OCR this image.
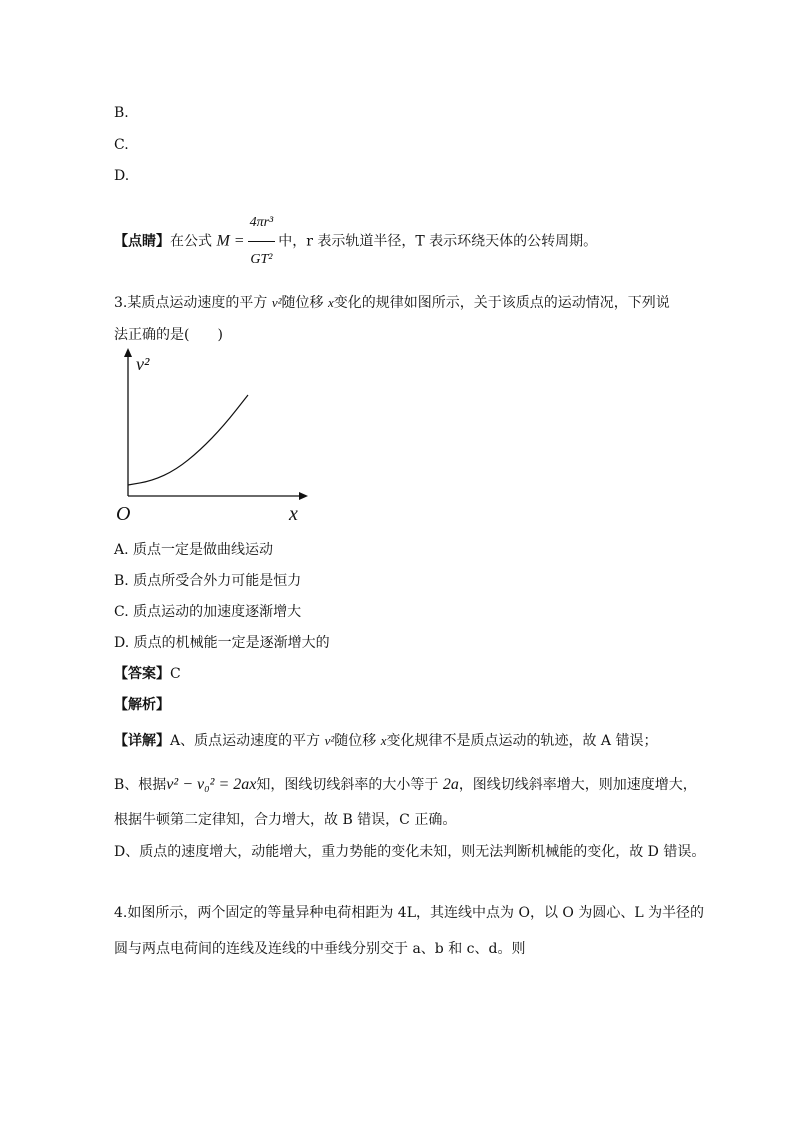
B.
C.
D.
【点睛】在公式 $M = \frac{\text{4πr³}}{\text{GT²}}$ 中，r 表示轨道半径，T 表示环绕天体的公转周期。
3.某质点运动速度的平方 v²随位移 x变化的规律如图所示，关于该质点的运动情况，下列说
法正确的是(　　)
v²
x
O
A. 质点一定是做曲线运动
B. 质点所受合外力可能是恒力
C. 质点运动的加速度逐渐增大
D. 质点的机械能一定是逐渐增大的
【答案】C
【解析】
【详解】A、质点运动速度的平方 v²随位移 x变化规律不是质点运动的轨迹，故 A 错误；
B、根据v² − v₀² = 2ax知，图线切线斜率的大小等于 2a，图线切线斜率增大，则加速度增大，
根据牛顿第二定律知，合力增大，故 B 错误，C 正确。
D、质点的速度增大，动能增大，重力势能的变化未知，则无法判断机械能的变化，故 D 错误。
4.如图所示，两个固定的等量异种电荷相距为 4L，其连线中点为 O，以 O 为圆心、L 为半径的
圆与两点电荷间的连线及连线的中垂线分别交于 a、b 和 c、d。则
